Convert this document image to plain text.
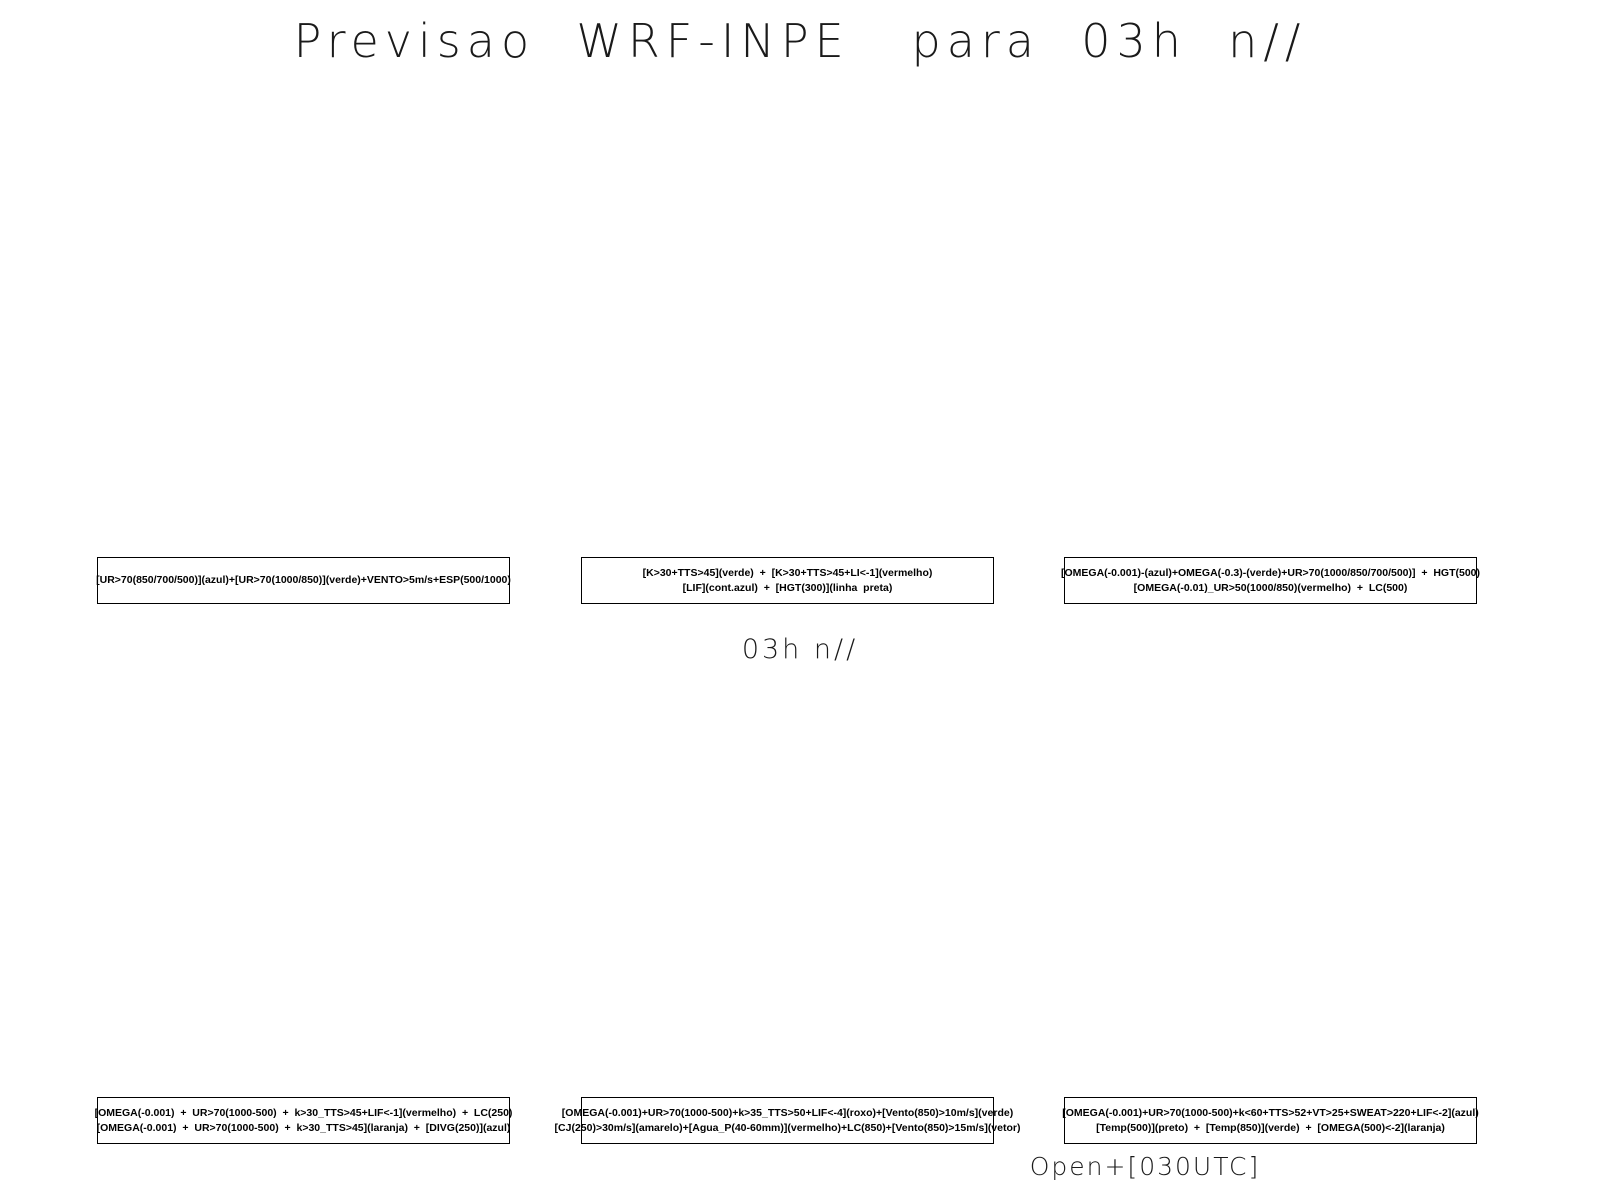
Previsao  WRF-INPE   para  03h  n//
[UR>70(850/700/500)](azul)+[UR>70(1000/850)](verde)+VENTO>5m/s+ESP(500/1000)
[K>30+TTS>45](verde)  +  [K>30+TTS>45+LI<-1](vermelho)
[LIF](cont.azul)  +  [HGT(300)](linha  preta)
[OMEGA(-0.001)-(azul)+OMEGA(-0.3)-(verde)+UR>70(1000/850/700/500)]  +  HGT(500)
[OMEGA(-0.01)_UR>50(1000/850)(vermelho)  +  LC(500)
03h n//
[OMEGA(-0.001)  +  UR>70(1000-500)  +  k>30_TTS>45+LIF<-1](vermelho)  +  LC(250)
[OMEGA(-0.001)  +  UR>70(1000-500)  +  k>30_TTS>45](laranja)  +  [DIVG(250)](azul)
[OMEGA(-0.001)+UR>70(1000-500)+k>35_TTS>50+LIF<-4](roxo)+[Vento(850)>10m/s](verde)
[CJ(250)>30m/s](amarelo)+[Agua_P(40-60mm)](vermelho)+LC(850)+[Vento(850)>15m/s](vetor)
[OMEGA(-0.001)+UR>70(1000-500)+k<60+TTS>52+VT>25+SWEAT>220+LIF<-2](azul)
[Temp(500)](preto)  +  [Temp(850)](verde)  +  [OMEGA(500)<-2](laranja)
Open+[030UTC]
